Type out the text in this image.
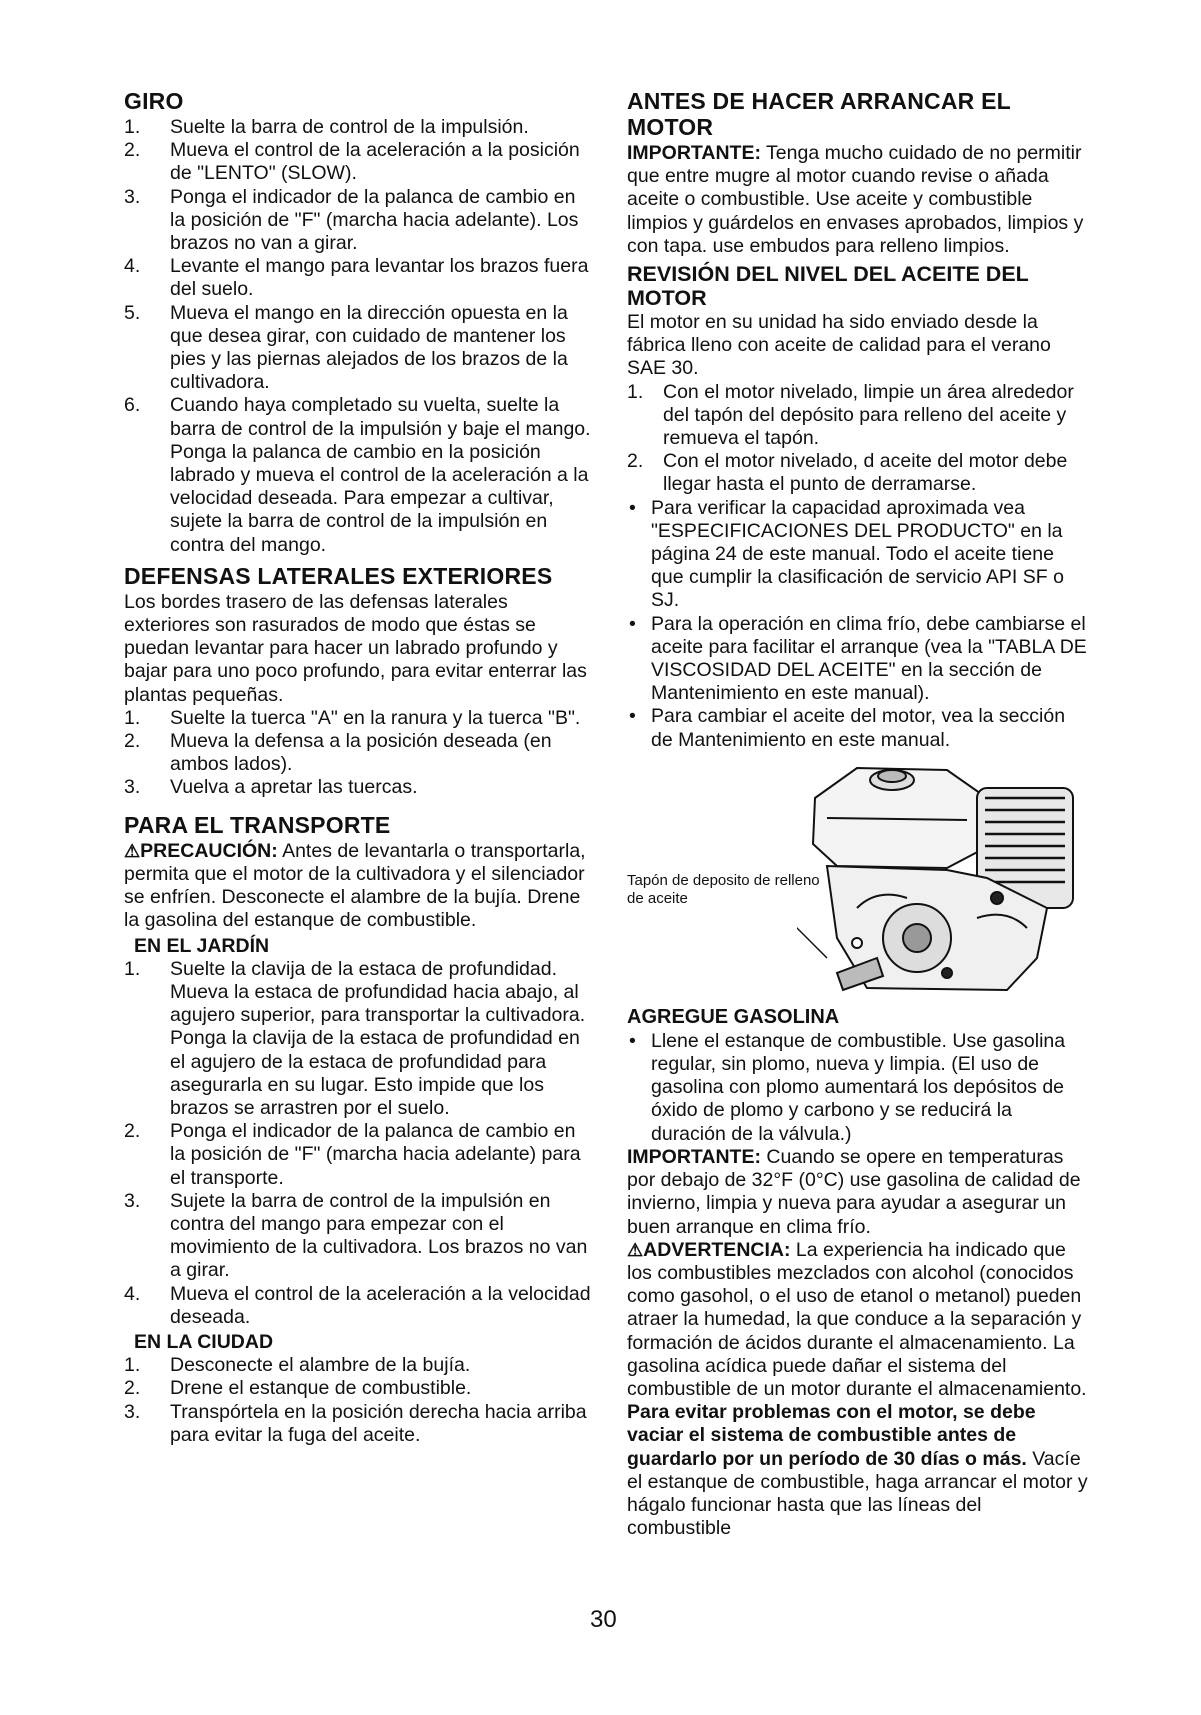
GIRO
1.	Suelte la barra de control de la impulsión.
2.	Mueva el control de la aceleración a la posición de "LENTO" (SLOW).
3.	Ponga el indicador de la palanca de cambio en la posición de "F" (marcha hacia adelante). Los brazos no van a girar.
4.	Levante el mango para levantar los brazos fuera del suelo.
5.	Mueva el mango en la dirección opuesta en la que desea girar, con cuidado de mantener los pies y las piernas alejados de los brazos de la cultivadora.
6.	Cuando haya completado su vuelta, suelte la barra de control de la impulsión y baje el mango. Ponga la palanca de cambio en la posición labrado y mueva el control de la aceleración a la velocidad deseada. Para empezar a cultivar, sujete la barra de control de la impulsión en contra del mango.
DEFENSAS LATERALES EXTERIORES

Los bordes trasero de las defensas laterales exteriores son rasurados de modo que éstas se puedan levantar para hacer un labrado profundo y bajar para uno poco profundo, para evitar enterrar las plantas pequeñas.

1.	Suelte la tuerca "A" en la ranura y la tuerca "B".
2.	Mueva la defensa a la posición deseada (en ambos lados).
3.	Vuelva a apretar las tuercas.
PARA EL TRANSPORTE

⚠PRECAUCIÓN: Antes de levantarla o transportarla, permita que el motor de la cultivadora y el silenciador se enfríen. Desconecte el alambre de la bujía. Drene la gasolina del estanque de combustible.

EN EL JARDÍN
1.	Suelte la clavija de la estaca de profundidad. Mueva la estaca de profundidad hacia abajo, al agujero superior, para transportar la cultivadora. Ponga la clavija de la estaca de profundidad en el agujero de la estaca de profundidad para asegurarla en su lugar. Esto impide que los brazos se arrastren por el suelo.
2.	Ponga el indicador de la palanca de cambio en la posición de "F" (marcha hacia adelante) para el transporte.
3.	Sujete la barra de control de la impulsión en contra del mango para empezar con el movimiento de la cultivadora. Los brazos no van a girar.
4.	Mueva el control de la aceleración a la velocidad deseada.
EN LA CIUDAD
1.	Desconecte el alambre de la bujía.
2.	Drene el estanque de combustible.
3.	Transpórtela en la posición derecha hacia arriba para evitar la fuga del aceite.
ANTES DE HACER ARRANCAR EL MOTOR

IMPORTANTE: Tenga mucho cuidado de no permitir que entre mugre al motor cuando revise o añada aceite o combustible. Use aceite y combustible limpios y guárdelos en envases aprobados, limpios y con tapa. use embudos para relleno limpios.

REVISIÓN DEL NIVEL DEL ACEITE DEL MOTOR

El motor en su unidad ha sido enviado desde la fábrica lleno con aceite de calidad para el verano SAE 30.

1.	Con el motor nivelado, limpie un área alrededor del tapón del depósito para relleno del aceite y remueva el tapón.
2.	Con el motor nivelado, d aceite del motor debe llegar hasta el punto de derramarse.
• Para verificar la capacidad aproximada vea "ESPECIFICACIONES DEL PRODUCTO" en la página 24 de este manual. Todo el aceite tiene que cumplir la clasificación de servicio API SF o SJ.
• Para la operación en clima frío, debe cambiarse el aceite para facilitar el arranque (vea la "TABLA DE VISCOSIDAD DEL ACEITE" en la sección de Mantenimiento en este manual).
• Para cambiar el aceite del motor, vea la sección de Mantenimiento en este manual.
Tapón de deposito de relleno de aceite
AGREGUE GASOLINA
• Llene el estanque de combustible. Use gasolina regular, sin plomo, nueva y limpia. (El uso de gasolina con plomo aumentará los depósitos de óxido de plomo y carbono y se reducirá la duración de la válvula.)

IMPORTANTE: Cuando se opere en temperaturas por debajo de 32°F (0°C) use gasolina de calidad de invierno, limpia y nueva para ayudar a asegurar un buen arranque en clima frío.

⚠ADVERTENCIA: La experiencia ha indicado que los combustibles mezclados con alcohol (conocidos como gasohol, o el uso de etanol o metanol) pueden atraer la humedad, la que conduce a la separación y formación de ácidos durante el almacenamiento. La gasolina acídica puede dañar el sistema del combustible de un motor durante el almacenamiento. Para evitar problemas con el motor, se debe vaciar el sistema de combustible antes de guardarlo por un período de 30 días o más. Vacíe el estanque de combustible, haga arrancar el motor y hágalo funcionar hasta que las líneas del combustible

30
